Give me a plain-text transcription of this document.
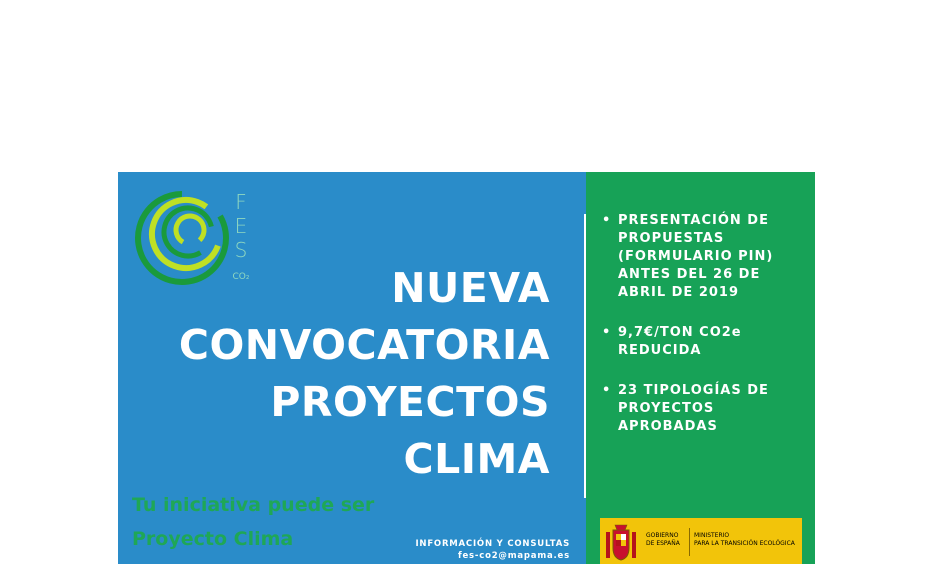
F
E
S
CO₂	NUEVA
CONVOCATORIA
PROYECTOS
CLIMA
Tu iniciativa puede ser
Proyecto Clima	INFORMACIÓN Y CONSULTAS
fes-co2@mapama.es
• PRESENTACIÓN DE PROPUESTAS (FORMULARIO PIN) ANTES DEL 26 DE ABRIL DE 2019
• 9,7€/TON CO2e REDUCIDA
• 23 TIPOLOGÍAS DE PROYECTOS APROBADAS
GOBIERNO
DE ESPAÑA
MINISTERIO
PARA LA TRANSICIÓN ECOLÓGICA
